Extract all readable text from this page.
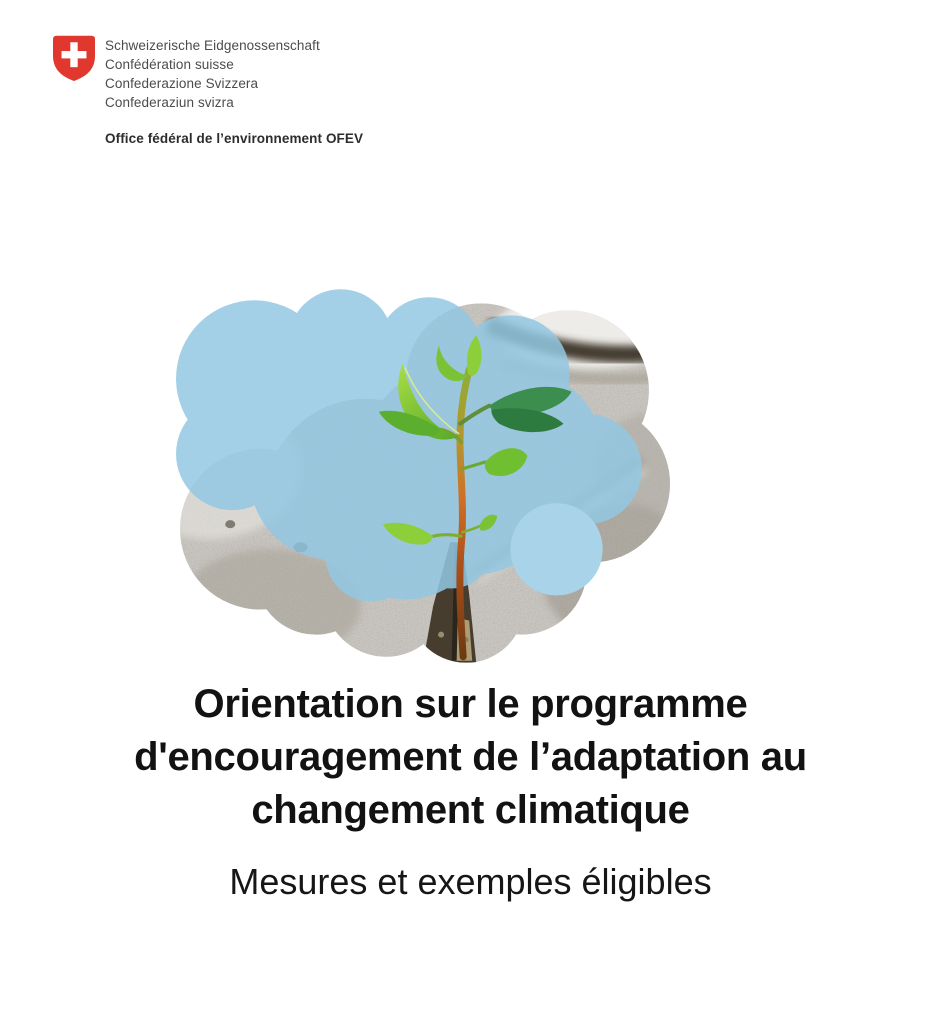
Schweizerische Eidgenossenschaft
Confédération suisse
Confederazione Svizzera
Confederaziun svizra
Office fédéral de l’environnement OFEV
Orientation sur le programme
d'encouragement de l’adaptation au
changement climatique
Mesures et exemples éligibles
